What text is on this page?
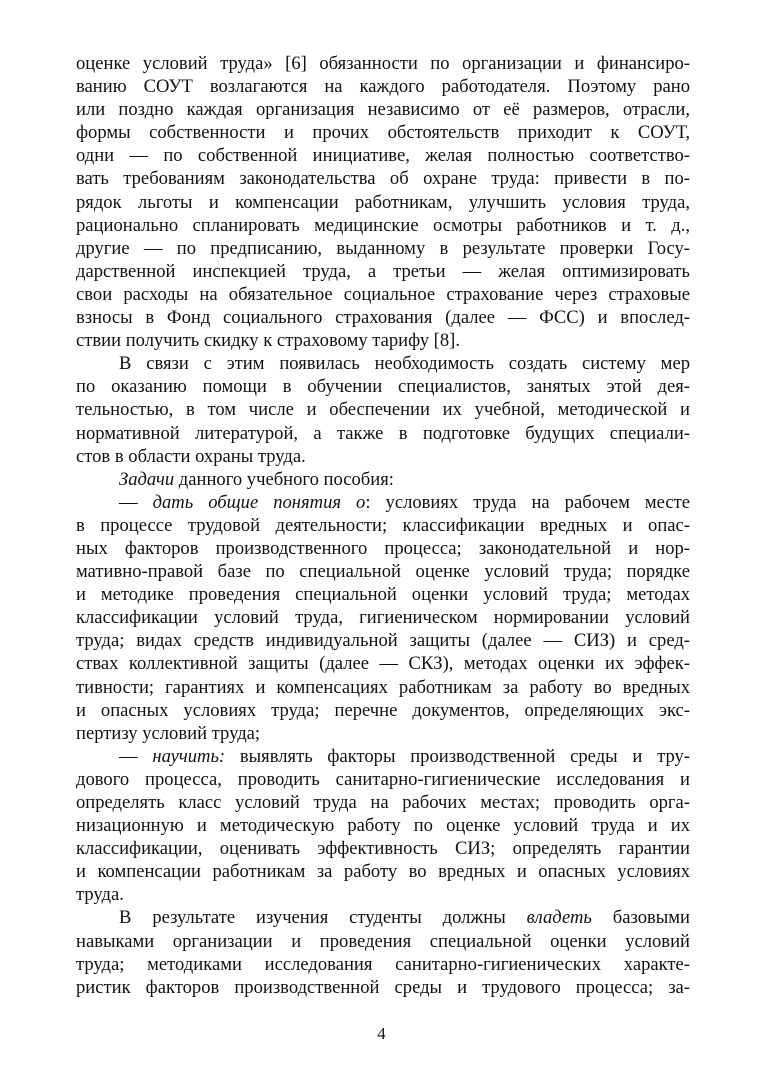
оценке условий труда» [6] обязанности по организации и финансиро-
ванию СОУТ возлагаются на каждого работодателя. Поэтому рано
или поздно каждая организация независимо от её размеров, отрасли,
формы собственности и прочих обстоятельств приходит к СОУТ,
одни — по собственной инициативе, желая полностью соответство-
вать требованиям законодательства об охране труда: привести в по-
рядок льготы и компенсации работникам, улучшить условия труда,
рационально спланировать медицинские осмотры работников и т. д.,
другие — по предписанию, выданному в результате проверки Госу-
дарственной инспекцией труда, а третьи — желая оптимизировать
свои расходы на обязательное социальное страхование через страховые
взносы в Фонд социального страхования (далее — ФСС) и впослед-
ствии получить скидку к страховому тарифу [8].
В связи с этим появилась необходимость создать систему мер
по оказанию помощи в обучении специалистов, занятых этой дея-
тельностью, в том числе и обеспечении их учебной, методической и
нормативной литературой, а также в подготовке будущих специали-
стов в области охраны труда.
Задачи данного учебного пособия:
— дать общие понятия о: условиях труда на рабочем месте
в процессе трудовой деятельности; классификации вредных и опас-
ных факторов производственного процесса; законодательной и нор-
мативно-правой базе по специальной оценке условий труда; порядке
и методике проведения специальной оценки условий труда; методах
классификации условий труда, гигиеническом нормировании условий
труда; видах средств индивидуальной защиты (далее — СИЗ) и сред-
ствах коллективной защиты (далее — СКЗ), методах оценки их эффек-
тивности; гарантиях и компенсациях работникам за работу во вредных
и опасных условиях труда; перечне документов, определяющих экс-
пертизу условий труда;
— научить: выявлять факторы производственной среды и тру-
дового процесса, проводить санитарно-гигиенические исследования и
определять класс условий труда на рабочих местах; проводить орга-
низационную и методическую работу по оценке условий труда и их
классификации, оценивать эффективность СИЗ; определять гарантии
и компенсации работникам за работу во вредных и опасных условиях
труда.
В результате изучения студенты должны владеть базовыми
навыками организации и проведения специальной оценки условий
труда; методиками исследования санитарно-гигиенических характе-
ристик факторов производственной среды и трудового процесса; за-
4
